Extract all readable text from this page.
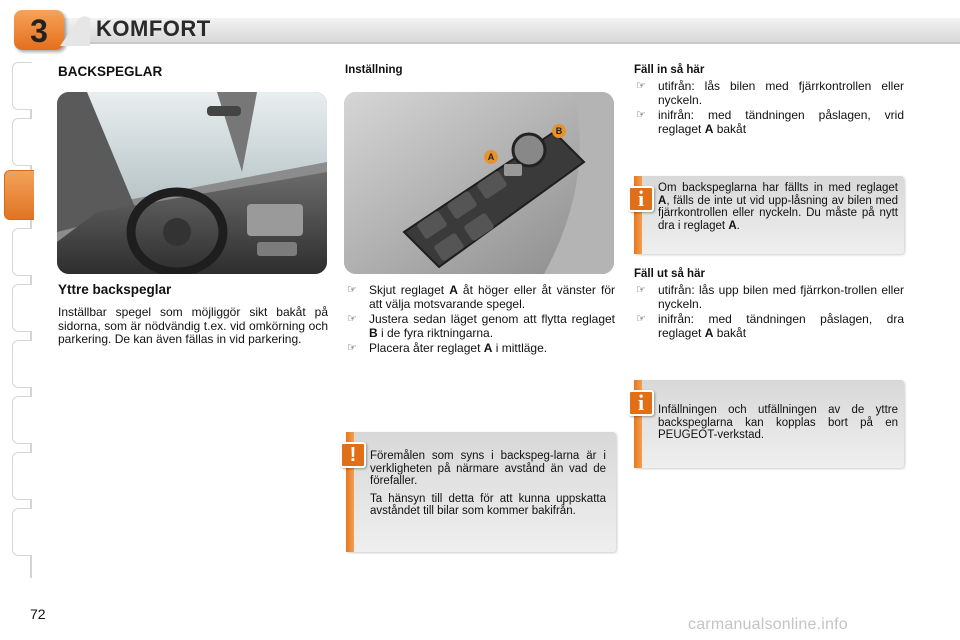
3	KOMFORT
BACKSPEGLAR
Yttre backspeglar
Inställbar spegel som möjliggör sikt bakåt på sidorna, som är nödvändig t.ex. vid omkörning och parkering. De kan även fällas in vid parkering.
Inställning
A
B
☞	Skjut reglaget A åt höger eller åt vänster för att välja motsvarande spegel.
☞	Justera sedan läget genom att flytta reglaget B i de fyra riktningarna.
☞	Placera åter reglaget A i mittläge.
!	Föremålen som syns i backspeg-larna är i verkligheten på närmare avstånd än vad de förefaller.

Ta hänsyn till detta för att kunna uppskatta avståndet till bilar som kommer bakifrån.

Fäll in så här
☞	utifrån: lås bilen med fjärrkontrollen eller nyckeln.
☞	inifrån: med tändningen påslagen, vrid reglaget A bakåt
i	Om backspeglarna har fällts in med reglaget A, fälls de inte ut vid upp-låsning av bilen med fjärrkontrollen eller nyckeln. Du måste på nytt dra i reglaget A.
Fäll ut så här
☞	utifrån: lås upp bilen med fjärrkon-trollen eller nyckeln.
☞	inifrån: med tändningen påslagen, dra reglaget A bakåt
i	Infällningen och utfällningen av de yttre backspeglarna kan kopplas bort på en PEUGEOT-verkstad.
72
carmanualsonline.info
